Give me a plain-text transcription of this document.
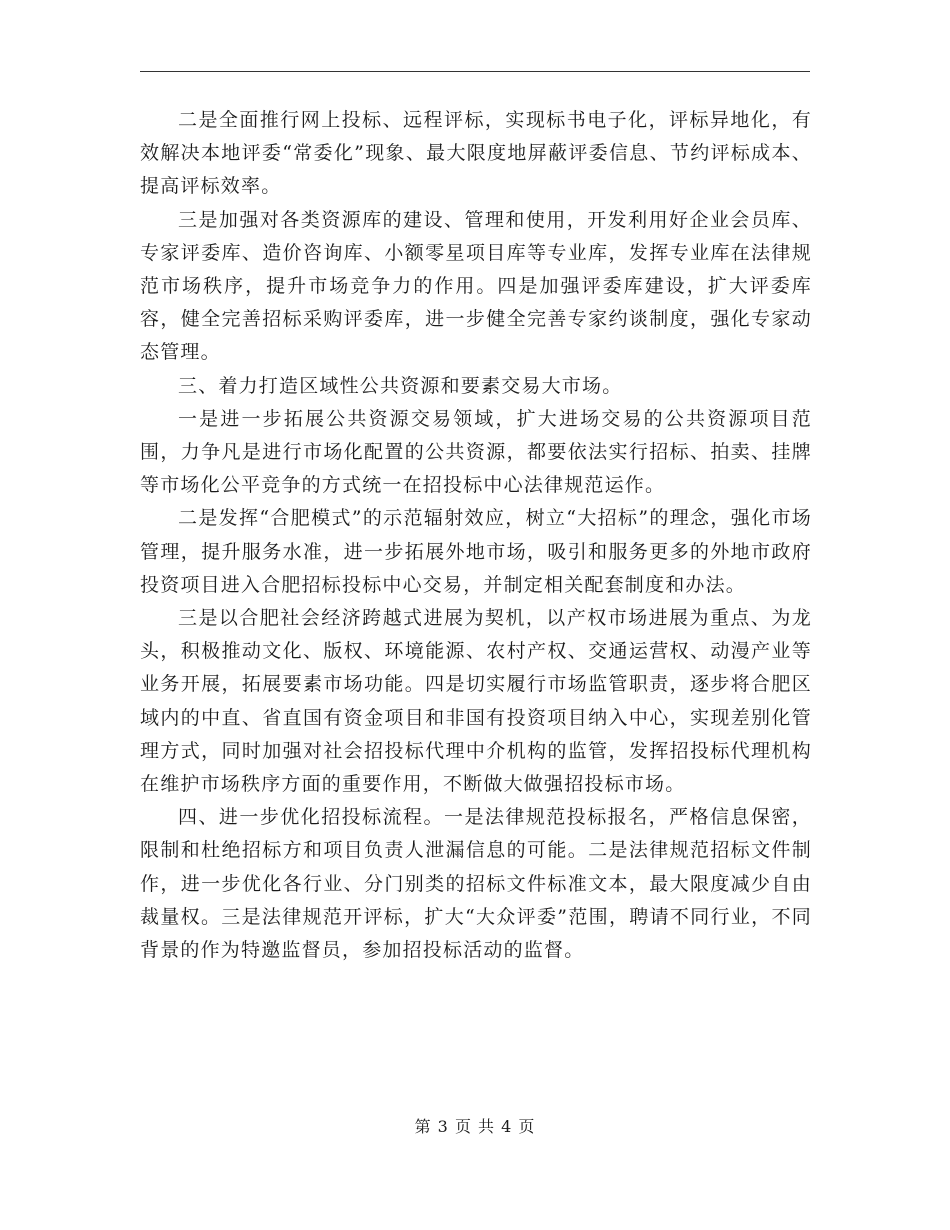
二是全面推行网上投标、远程评标，实现标书电子化，评标异地化，有效解决本地评委“常委化”现象、最大限度地屏蔽评委信息、节约评标成本、提高评标效率。

三是加强对各类资源库的建设、管理和使用，开发利用好企业会员库、专家评委库、造价咨询库、小额零星项目库等专业库，发挥专业库在法律规范市场秩序，提升市场竞争力的作用。四是加强评委库建设，扩大评委库容，健全完善招标采购评委库，进一步健全完善专家约谈制度，强化专家动态管理。

三、着力打造区域性公共资源和要素交易大市场。

一是进一步拓展公共资源交易领域，扩大进场交易的公共资源项目范围，力争凡是进行市场化配置的公共资源，都要依法实行招标、拍卖、挂牌等市场化公平竞争的方式统一在招投标中心法律规范运作。

二是发挥“合肥模式”的示范辐射效应，树立“大招标”的理念，强化市场管理，提升服务水准，进一步拓展外地市场，吸引和服务更多的外地市政府投资项目进入合肥招标投标中心交易，并制定相关配套制度和办法。

三是以合肥社会经济跨越式进展为契机，以产权市场进展为重点、为龙头，积极推动文化、版权、环境能源、农村产权、交通运营权、动漫产业等业务开展，拓展要素市场功能。四是切实履行市场监管职责，逐步将合肥区域内的中直、省直国有资金项目和非国有投资项目纳入中心，实现差别化管理方式，同时加强对社会招投标代理中介机构的监管，发挥招投标代理机构在维护市场秩序方面的重要作用，不断做大做强招投标市场。

四、进一步优化招投标流程。一是法律规范投标报名，严格信息保密，限制和杜绝招标方和项目负责人泄漏信息的可能。二是法律规范招标文件制作，进一步优化各行业、分门别类的招标文件标准文本，最大限度减少自由裁量权。三是法律规范开评标，扩大“大众评委”范围，聘请不同行业，不同背景的作为特邀监督员，参加招投标活动的监督。

第 3 页 共 4 页
